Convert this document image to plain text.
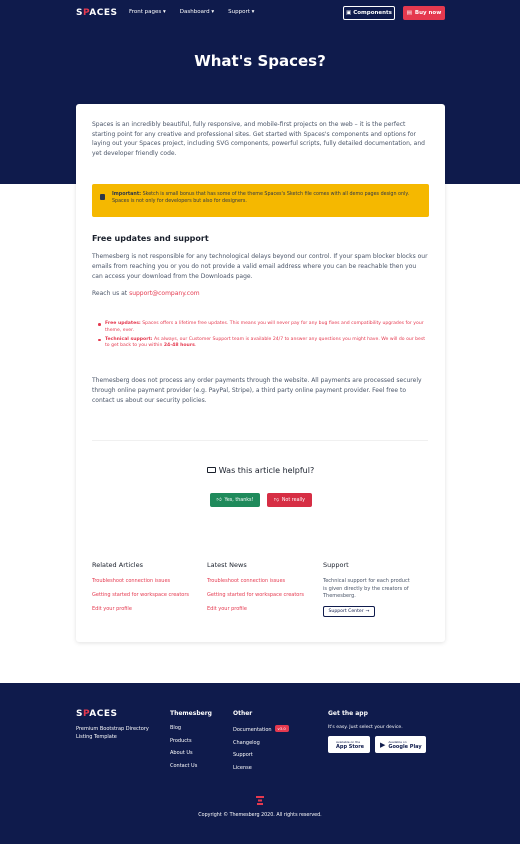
SPACES Front pages ▾	Dashboard ▾	Support ▾	▣ Components	▤ Buy now
What's Spaces?

Spaces is an incredibly beautiful, fully responsive, and mobile-first projects on the web – it is the perfect starting point for any creative and professional sites. Get started with Spaces's components and options for laying out your Spaces project, including SVG components, powerful scripts, fully detailed documentation, and yet developer friendly code.

Important: Sketch is small bonus that has some of the theme Spaces's Sketch file comes with all demo pages design only. Spaces is not only for developers but also for designers.
Free updates and support

Themesberg is not responsible for any technological delays beyond our control. If your spam blocker blocks our emails from reaching you or you do not provide a valid email address where you can be reachable then you can access your download from the Downloads page.

Reach us at support@company.com

Free updates: Spaces offers a lifetime free updates. This means you will never pay for any bug fixes and compatibility upgrades for your theme, ever.
Technical support: As always, our Customer Support team is available 24/7 to answer any questions you might have. We will do our best to get back to you within 24-48 hours.

Themesberg does not process any order payments through the website. All payments are processed securely through online payment provider (e.g. PayPal, Stripe), a third party online payment provider. Feel free to contact us about our security policies.

Was this article helpful?
👍︎ Yes, thanks!	👎︎ Not really
Related Articles
Troubleshoot connection issues
Getting started for workspace creators
Edit your profile
Latest News
Troubleshoot connection issues
Getting started for workspace creators
Edit your profile
Support

Technical support for each product is given directly by the creators of Themesberg.

Support Center →
SPACES

Premium Bootstrap Directory Listing Template

Themesberg
Blog
Products
About Us
Contact Us
Other
Documentation v3.0
Changelog
Support
License
Get the app

It's easy. Just select your device.

Available on the
App Store ▶ Available on
Google Play

Copyright © Themesberg 2020. All rights reserved.
